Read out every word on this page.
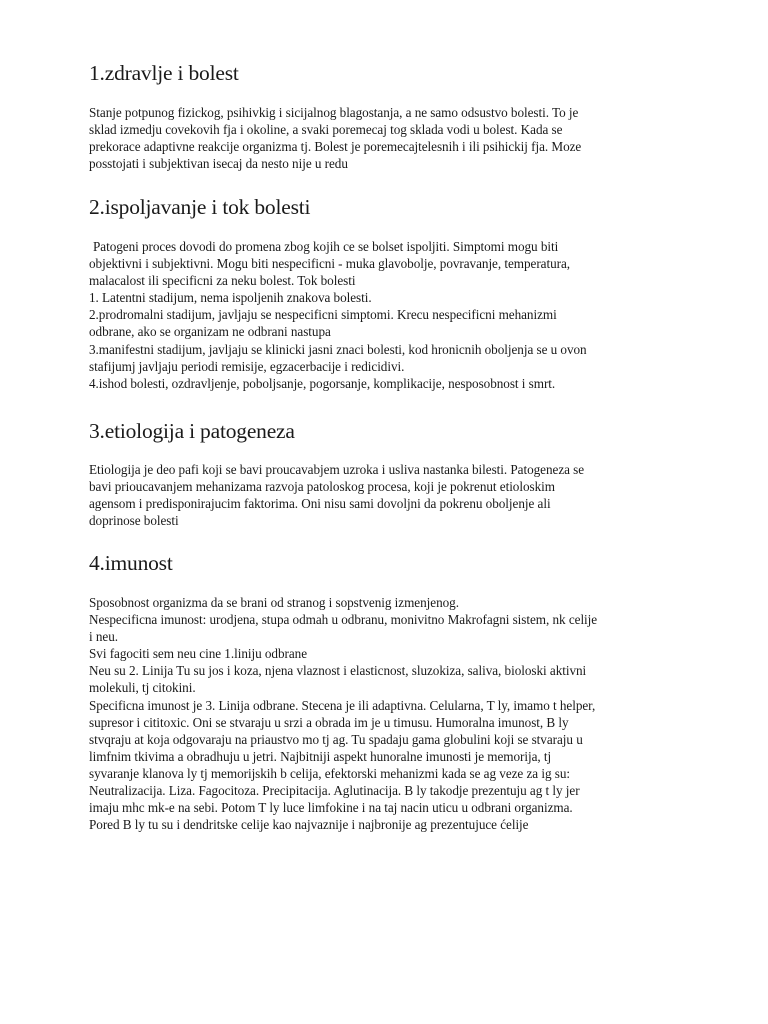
1.zdravlje i bolest

Stanje potpunog fizickog, psihivkig i sicijalnog blagostanja, a ne samo odsustvo bolesti. To je
sklad izmedju covekovih fja i okoline, a svaki poremecaj tog sklada vodi u bolest. Kada se
prekorace adaptivne reakcije organizma tj. Bolest je poremecajtelesnih i ili psihickij fja. Moze
posstojati i subjektivan isecaj da nesto nije u redu

2.ispoljavanje i tok bolesti

Patogeni proces dovodi do promena zbog kojih ce se bolset ispoljiti. Simptomi mogu biti
objektivni i subjektivni. Mogu biti nespecificni - muka glavobolje, povravanje, temperatura,
malacalost ili specificni za neku bolest. Tok bolesti
1. Latentni stadijum, nema ispoljenih znakova bolesti.
2.prodromalni stadijum, javljaju se nespecificni simptomi. Krecu nespecificni mehanizmi
odbrane, ako se organizam ne odbrani nastupa
3.manifestni stadijum, javljaju se klinicki jasni znaci bolesti, kod hronicnih obolјenja se u ovon
stafijumj javljaju periodi remisije, egzacerbacije i redicidivi.
4.ishod bolesti, ozdravljenje, poboljsanje, pogorsanje, komplikacije, nesposobnost i smrt.

3.etiologija i patogeneza

Etiologija je deo pafi koji se bavi proucavabjem uzroka i usliva nastanka bilesti. Patogeneza se
bavi prioucavanjem mehanizama razvoja patoloskog procesa, koji je pokrenut etioloskim
agensom i predisponirajucim faktorima. Oni nisu sami dovoljni da pokrenu oboljenje ali
doprinose bolesti

4.imunost

Sposobnost organizma da se brani od stranog i sopstvenig izmenjenog.
Nespecificna imunost: urodjena, stupa odmah u odbranu, monivitno Makrofagni sistem, nk celije
i neu.
Svi fagociti sem neu cine 1.liniju odbrane
Neu su 2. Linija Tu su jos i koza, njena vlaznost i elasticnost, sluzokiza, saliva, bioloski aktivni
molekuli, tj citokini.
Specificna imunost je 3. Linija odbrane. Stecena je ili adaptivna. Celularna, T ly, imamo t helper,
supresor i cititoxic. Oni se stvaraju u srzi a obrada im je u timusu. Humoralna imunost, B ly
stvqraju at koja odgovaraju na priaustvo mo tj ag. Tu spadaju gama globulini koji se stvaraju u
limfnim tkivima a obradhuju u jetri. Najbitniji aspekt hunoralne imunosti je memorija, tj
syvaranje klanova ly tj memorijskih b celija, efektorski mehanizmi kada se ag veze za ig su:
Neutralizacija. Liza. Fagocitoza. Precipitacija. Aglutinacija. B ly takodje prezentuju ag t ly jer
imaju mhc mk-e na sebi. Potom T ly luce limfokine i na taj nacin uticu u odbrani organizma.
Pored B ly tu su i dendritske celije kao najvaznije i najbronije ag prezentujuce ćelije
